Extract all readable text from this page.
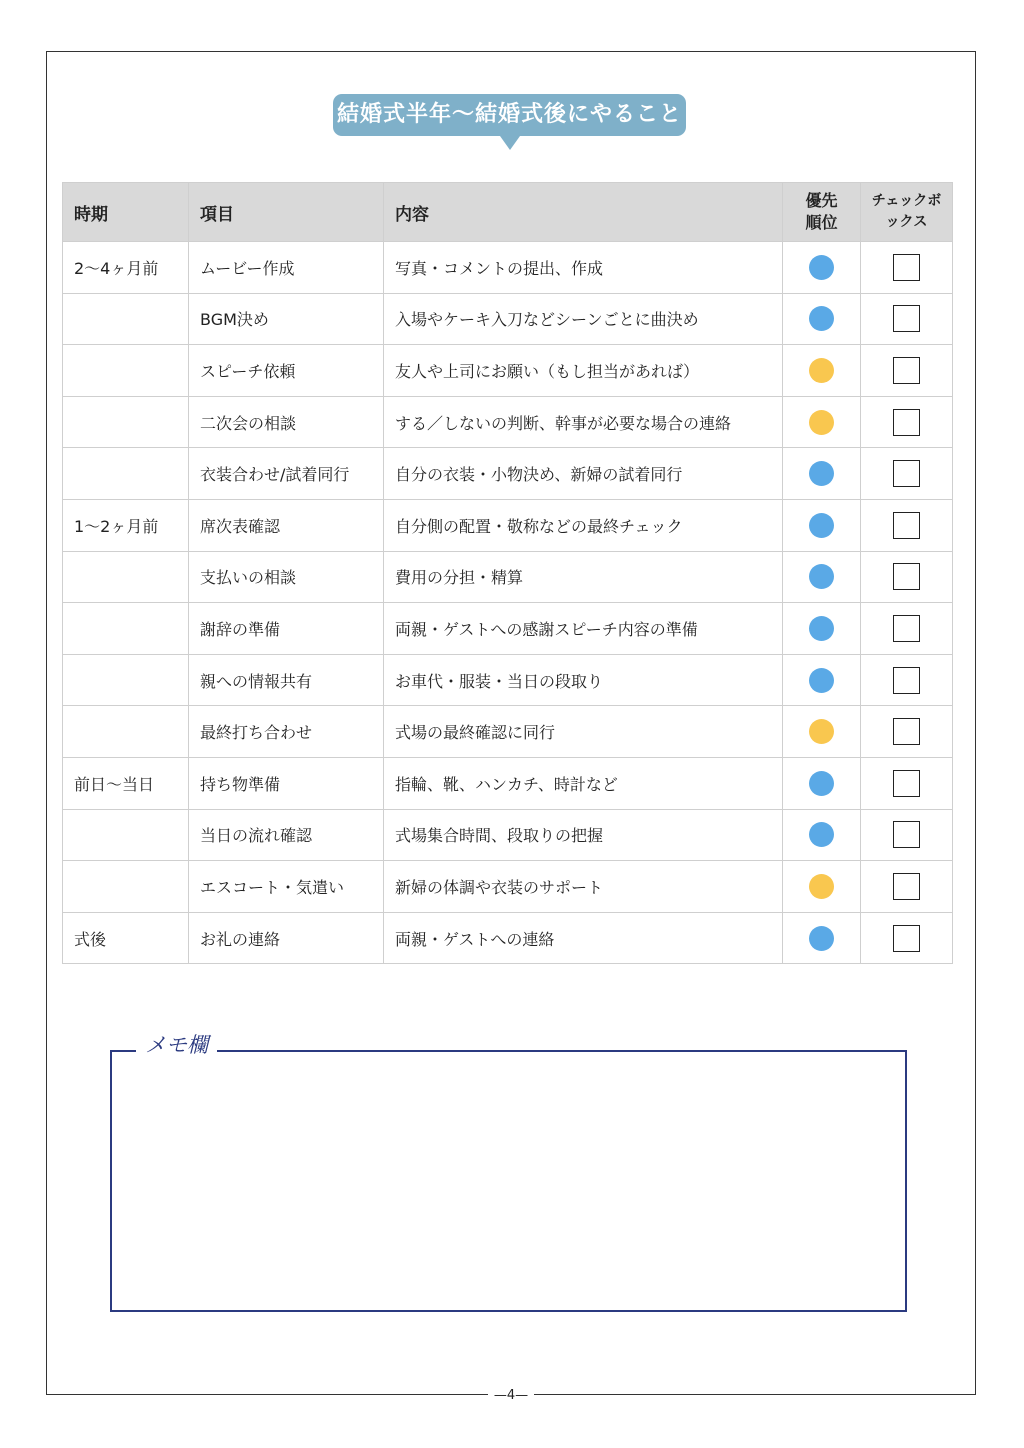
結婚式半年〜結婚式後にやること
時期	項目	内容	優先順位	チェックボックス
2〜4ヶ月前	ムービー作成	写真・コメントの提出、作成		
	BGM決め	入場やケーキ入刀などシーンごとに曲決め		
	スピーチ依頼	友人や上司にお願い（もし担当があれば）		
	二次会の相談	する／しないの判断、幹事が必要な場合の連絡		
	衣装合わせ/試着同行	自分の衣装・小物決め、新婦の試着同行		
1〜2ヶ月前	席次表確認	自分側の配置・敬称などの最終チェック		
	支払いの相談	費用の分担・精算		
	謝辞の準備	両親・ゲストへの感謝スピーチ内容の準備		
	親への情報共有	お車代・服装・当日の段取り		
	最終打ち合わせ	式場の最終確認に同行		
前日〜当日	持ち物準備	指輪、靴、ハンカチ、時計など		
	当日の流れ確認	式場集合時間、段取りの把握		
	エスコート・気遣い	新婦の体調や衣装のサポート		
式後	お礼の連絡	両親・ゲストへの連絡		
メモ欄
—4—
